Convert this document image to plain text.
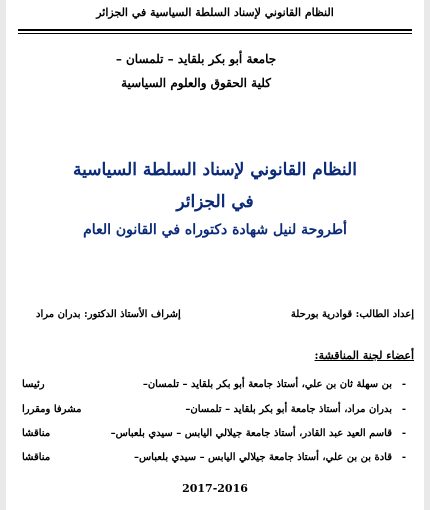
النظام القانوني لإسناد السلطة السياسية في الجزائر
جامعة أبو بكر بلقايد – تلمسان –
كلية الحقوق والعلوم السياسية
النظام القانوني لإسناد السلطة السياسية
في الجزائر
أطروحة لنيل شهادة دكتوراه في القانون العام
إعداد الطالب: قوادرية بورحلة
إشراف الأستاذ الدكتور: بدران مراد
أعضاء لجنة المناقشة:
-
بن سهلة ثان بن علي، أستاذ جامعة أبو بكر بلقايد – تلمسان–
رئيسا
-
بدران مراد، أستاذ جامعة أبو بكر بلقايد – تلمسان–
مشرفا ومقررا
-
قاسم العيد عبد القادر، أستاذ جامعة جيلالي اليابس – سيدي بلعباس–
مناقشا
-
قادة بن بن علي، أستاذ جامعة جيلالي اليابس – سيدي بلعباس–
مناقشا
2017-2016
